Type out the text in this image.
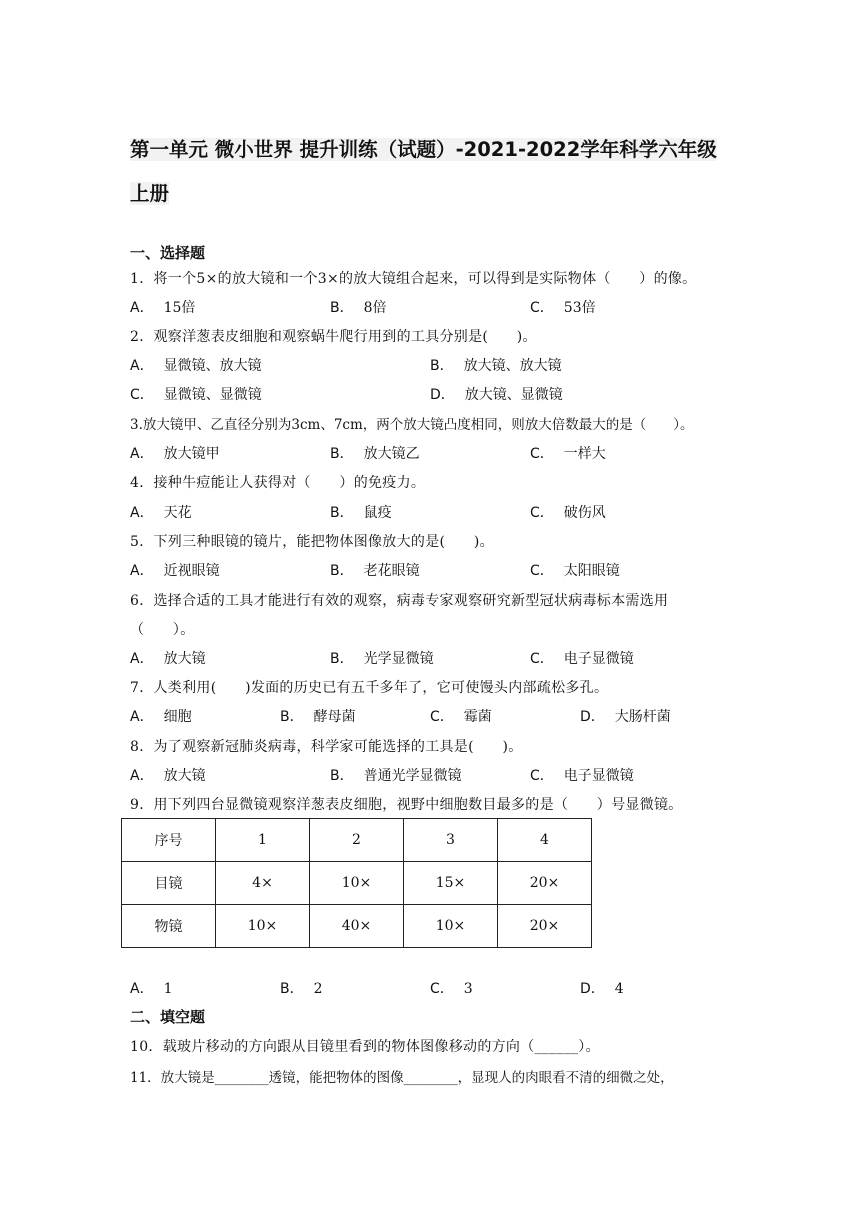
第一单元 微小世界 提升训练（试题）-2021-2022学年科学六年级上册
一、选择题
1．将一个5×的放大镜和一个3×的放大镜组合起来，可以得到是实际物体（　　）的像。
A． 15倍	B． 8倍	C． 53倍
2．观察洋葱表皮细胞和观察蜗牛爬行用到的工具分别是(　　)。
A． 显微镜、放大镜	B． 放大镜、放大镜
C． 显微镜、显微镜	D． 放大镜、显微镜
3.放大镜甲、乙直径分别为3cm、7cm，两个放大镜凸度相同，则放大倍数最大的是（　　）。
A． 放大镜甲	B． 放大镜乙	C． 一样大
4．接种牛痘能让人获得对（　　）的免疫力。
A． 天花	B． 鼠疫	C． 破伤风
5．下列三种眼镜的镜片，能把物体图像放大的是(　　)。
A． 近视眼镜	B． 老花眼镜	C． 太阳眼镜
6．选择合适的工具才能进行有效的观察，病毒专家观察研究新型冠状病毒标本需选用
（　　）。
A． 放大镜	B． 光学显微镜	C． 电子显微镜
7．人类利用(　　)发面的历史已有五千多年了，它可使馒头内部疏松多孔。
A． 细胞	B． 酵母菌	C． 霉菌	D． 大肠杆菌
8．为了观察新冠肺炎病毒，科学家可能选择的工具是(　　)。
A． 放大镜	B． 普通光学显微镜	C． 电子显微镜
9．用下列四台显微镜观察洋葱表皮细胞，视野中细胞数目最多的是（　　）号显微镜。
序号	1	2	3	4
目镜	4×	10×	15×	20×
物镜	10×	40×	10×	20×
A． 1	B． 2	C． 3	D． 4
二、填空题
10．载玻片移动的方向跟从目镜里看到的物体图像移动的方向（______）。
11．放大镜是________透镜，能把物体的图像________，显现人的肉眼看不清的细微之处，
